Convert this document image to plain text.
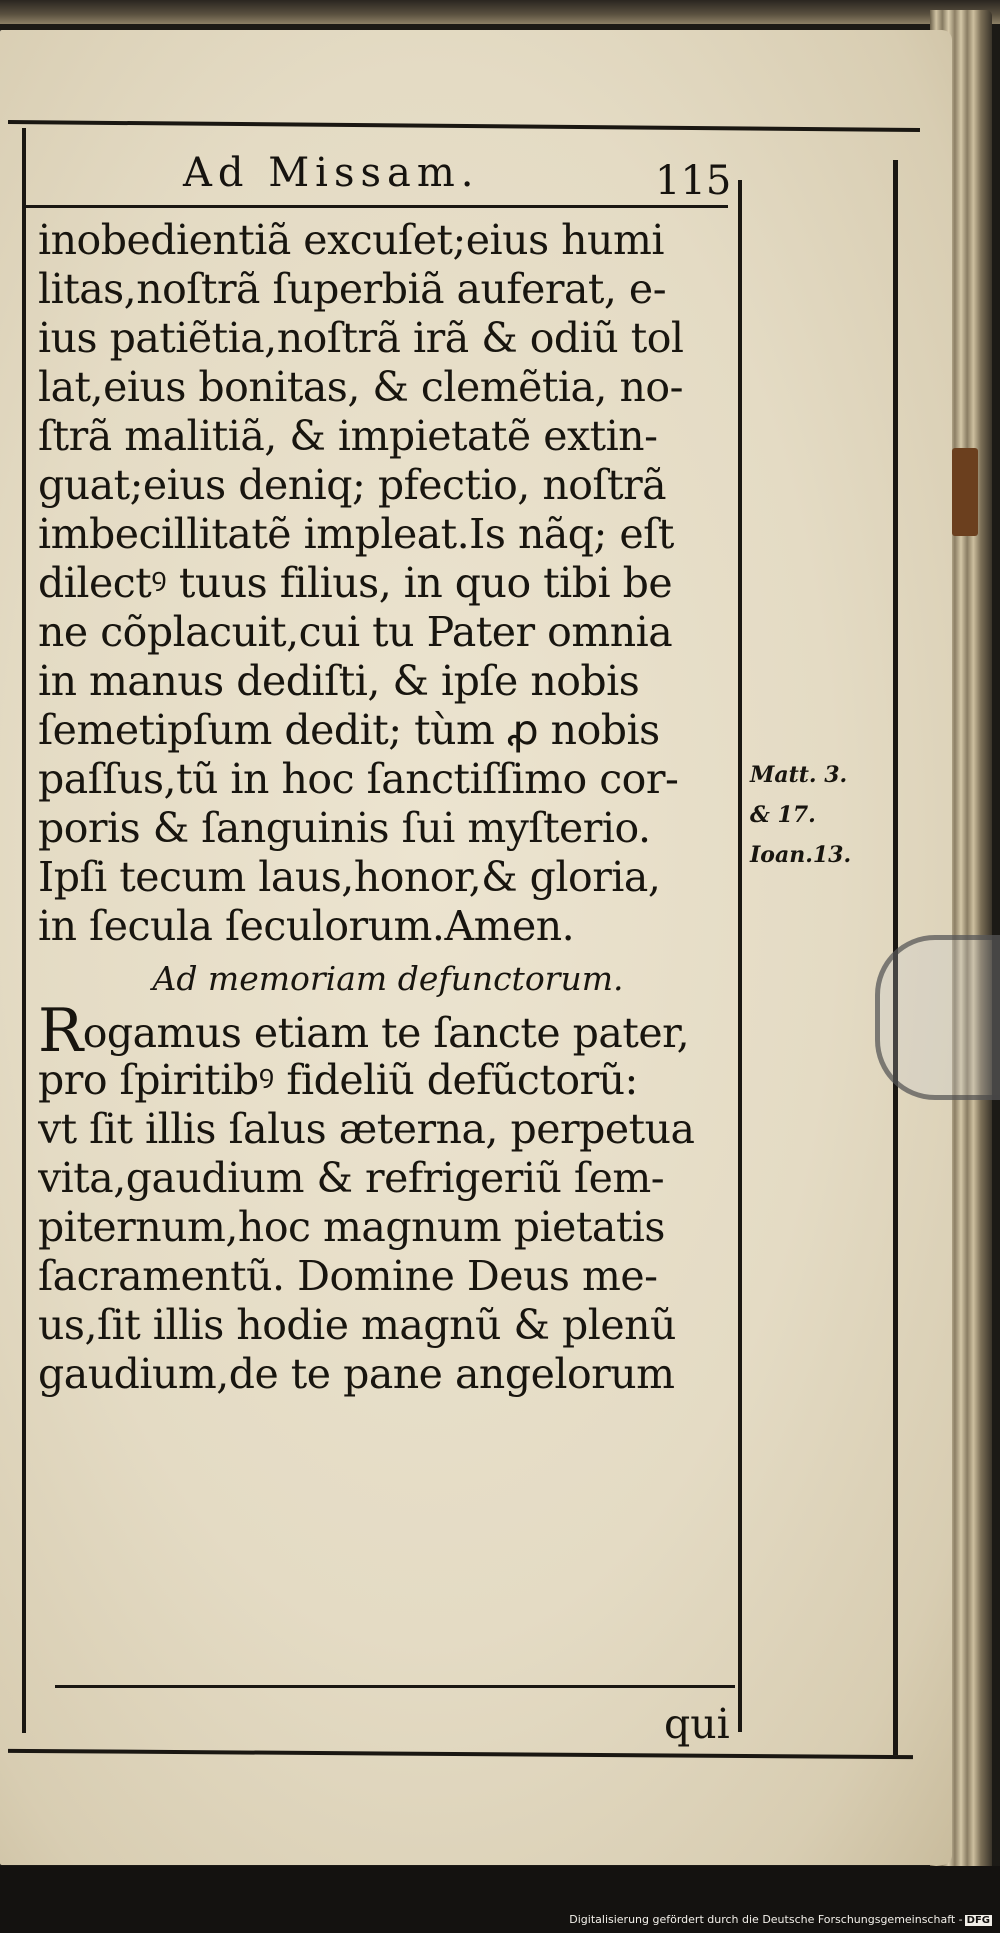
Ad Missam.	115
inobedientiã excuſet;eius humi
litas,noſtrã ſuperbiã auferat, e-
ius patiẽtia,noſtrã irã & odiũ tol
lat,eius bonitas, & clemẽtia, no-
ſtrã malitiã, & impietatẽ extin-
guat;eius deniq; pfectio, noſtrã
imbecillitatẽ impleat.Is nãq; eſt
dilectꝰ tuus filius, in quo tibi be
ne cõplacuit,cui tu Pater omnia
in manus dediſti, & ipſe nobis
ſemetipſum dedit; tùm ꝓ nobis
paſſus,tũ in hoc ſanctiſſimo cor-
poris & ſanguinis ſui myſterio.
Ipſi tecum laus,honor,& gloria,
in ſecula ſeculorum.Amen.
Ad memoriam defunctorum.
Rogamus etiam te ſancte pater,
pro ſpiritibꝰ fideliũ defũctorũ:
vt ſit illis ſalus æterna, perpetua
vita,gaudium & refrigeriũ ſem-
piternum,hoc magnum pietatis
ſacramentũ. Domine Deus me-
us,ſit illis hodie magnũ & plenũ
gaudium,de te pane angelorum
Matt. 3.
& 17.
Ioan.13.
qui
Digitalisierung gefördert durch die Deutsche Forschungsgemeinschaft - DFG
